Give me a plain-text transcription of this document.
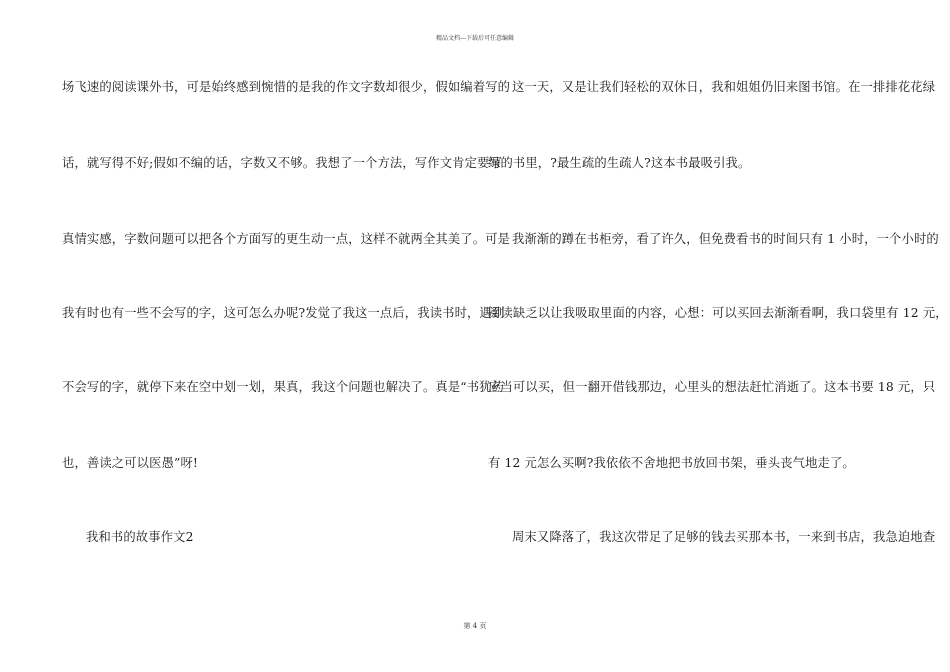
精品文档---下载后可任意编辑
场飞速的阅读课外书，可是始终感到惋惜的是我的作文字数却很少，假如编着写的
话，就写得不好;假如不编的话，字数又不够。我想了一个方法，写作文肯定要写
真情实感，字数问题可以把各个方面写的更生动一点，这样不就两全其美了。可是
我有时也有一些不会写的字，这可怎么办呢?发觉了我这一点后，我读书时，遇到
不会写的字，就停下来在空中划一划，果真，我这个问题也解决了。真是“书犹药
也，善读之可以医愚”呀!
我和书的故事作文2
这一天，又是让我们轻松的双休日，我和姐姐仍旧来图书馆。在一排排花花绿
绿的书里，?最生疏的生疏人?这本书最吸引我。
我渐渐的蹲在书柜旁，看了许久，但免费看书的时间只有 1 小时，一个小时的
阅读缺乏以让我吸取里面的内容，心想：可以买回去渐渐看啊，我口袋里有 12 元，
应当可以买，但一翻开借钱那边，心里头的想法赶忙消逝了。这本书要 18 元，只
有 12 元怎么买啊?我依依不舍地把书放回书架，垂头丧气地走了。
周末又降落了，我这次带足了足够的钱去买那本书，一来到书店，我急迫地查
第 4 页
